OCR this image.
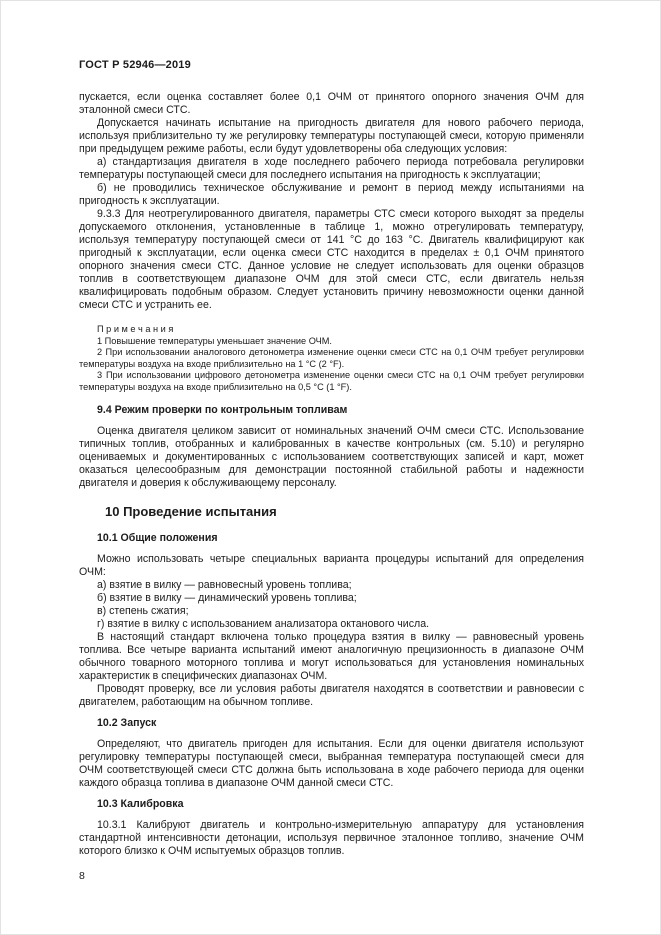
ГОСТ Р 52946—2019

пускается, если оценка составляет более 0,1 ОЧМ от принятого опорного значения ОЧМ для эталонной смеси СТС.

Допускается начинать испытание на пригодность двигателя для нового рабочего периода, используя приблизительно ту же регулировку температуры поступающей смеси, которую применяли при предыдущем режиме работы, если будут удовлетворены оба следующих условия:

а) стандартизация двигателя в ходе последнего рабочего периода потребовала регулировки температуры поступающей смеси для последнего испытания на пригодность к эксплуатации;

б) не проводились техническое обслуживание и ремонт в период между испытаниями на пригодность к эксплуатации.

9.3.3 Для неотрегулированного двигателя, параметры СТС смеси которого выходят за пределы допускаемого отклонения, установленные в таблице 1, можно отрегулировать температуру, используя температуру поступающей смеси от 141 °С до 163 °С. Двигатель квалифицируют как пригодный к эксплуатации, если оценка смеси СТС находится в пределах ± 0,1 ОЧМ принятого опорного значения смеси СТС. Данное условие не следует использовать для оценки образцов топлив в соответствующем диапазоне ОЧМ для этой смеси СТС, если двигатель нельзя квалифицировать подобным образом. Следует установить причину невозможности оценки данной смеси СТС и устранить ее.

П р и м е ч а н и я

1 Повышение температуры уменьшает значение ОЧМ.

2 При использовании аналогового детонометра изменение оценки смеси СТС на 0,1 ОЧМ требует регулировки температуры воздуха на входе приблизительно на 1 °С (2 °F).

3 При использовании цифрового детонометра изменение оценки смеси СТС на 0,1 ОЧМ требует регулировки температуры воздуха на входе приблизительно на 0,5 °С (1 °F).

9.4 Режим проверки по контрольным топливам

Оценка двигателя целиком зависит от номинальных значений ОЧМ смеси СТС. Использование типичных топлив, отобранных и калиброванных в качестве контрольных (см. 5.10) и регулярно оцениваемых и документированных с использованием соответствующих записей и карт, может оказаться целесообразным для демонстрации постоянной стабильной работы и надежности двигателя и доверия к обслуживающему персоналу.

10 Проведение испытания
10.1 Общие положения

Можно использовать четыре специальных варианта процедуры испытаний для определения ОЧМ:

а) взятие в вилку — равновесный уровень топлива;

б) взятие в вилку — динамический уровень топлива;

в) степень сжатия;

г) взятие в вилку с использованием анализатора октанового числа.

В настоящий стандарт включена только процедура взятия в вилку — равновесный уровень топлива. Все четыре варианта испытаний имеют аналогичную прецизионность в диапазоне ОЧМ обычного товарного моторного топлива и могут использоваться для установления номинальных характеристик в специфических диапазонах ОЧМ.

Проводят проверку, все ли условия работы двигателя находятся в соответствии и равновесии с двигателем, работающим на обычном топливе.

10.2 Запуск

Определяют, что двигатель пригоден для испытания. Если для оценки двигателя используют регулировку температуры поступающей смеси, выбранная температура поступающей смеси для ОЧМ соответствующей смеси СТС должна быть использована в ходе рабочего периода для оценки каждого образца топлива в диапазоне ОЧМ данной смеси СТС.

10.3 Калибровка

10.3.1 Калибруют двигатель и контрольно-измерительную аппаратуру для установления стандартной интенсивности детонации, используя первичное эталонное топливо, значение ОЧМ которого близко к ОЧМ испытуемых образцов топлив.

8
